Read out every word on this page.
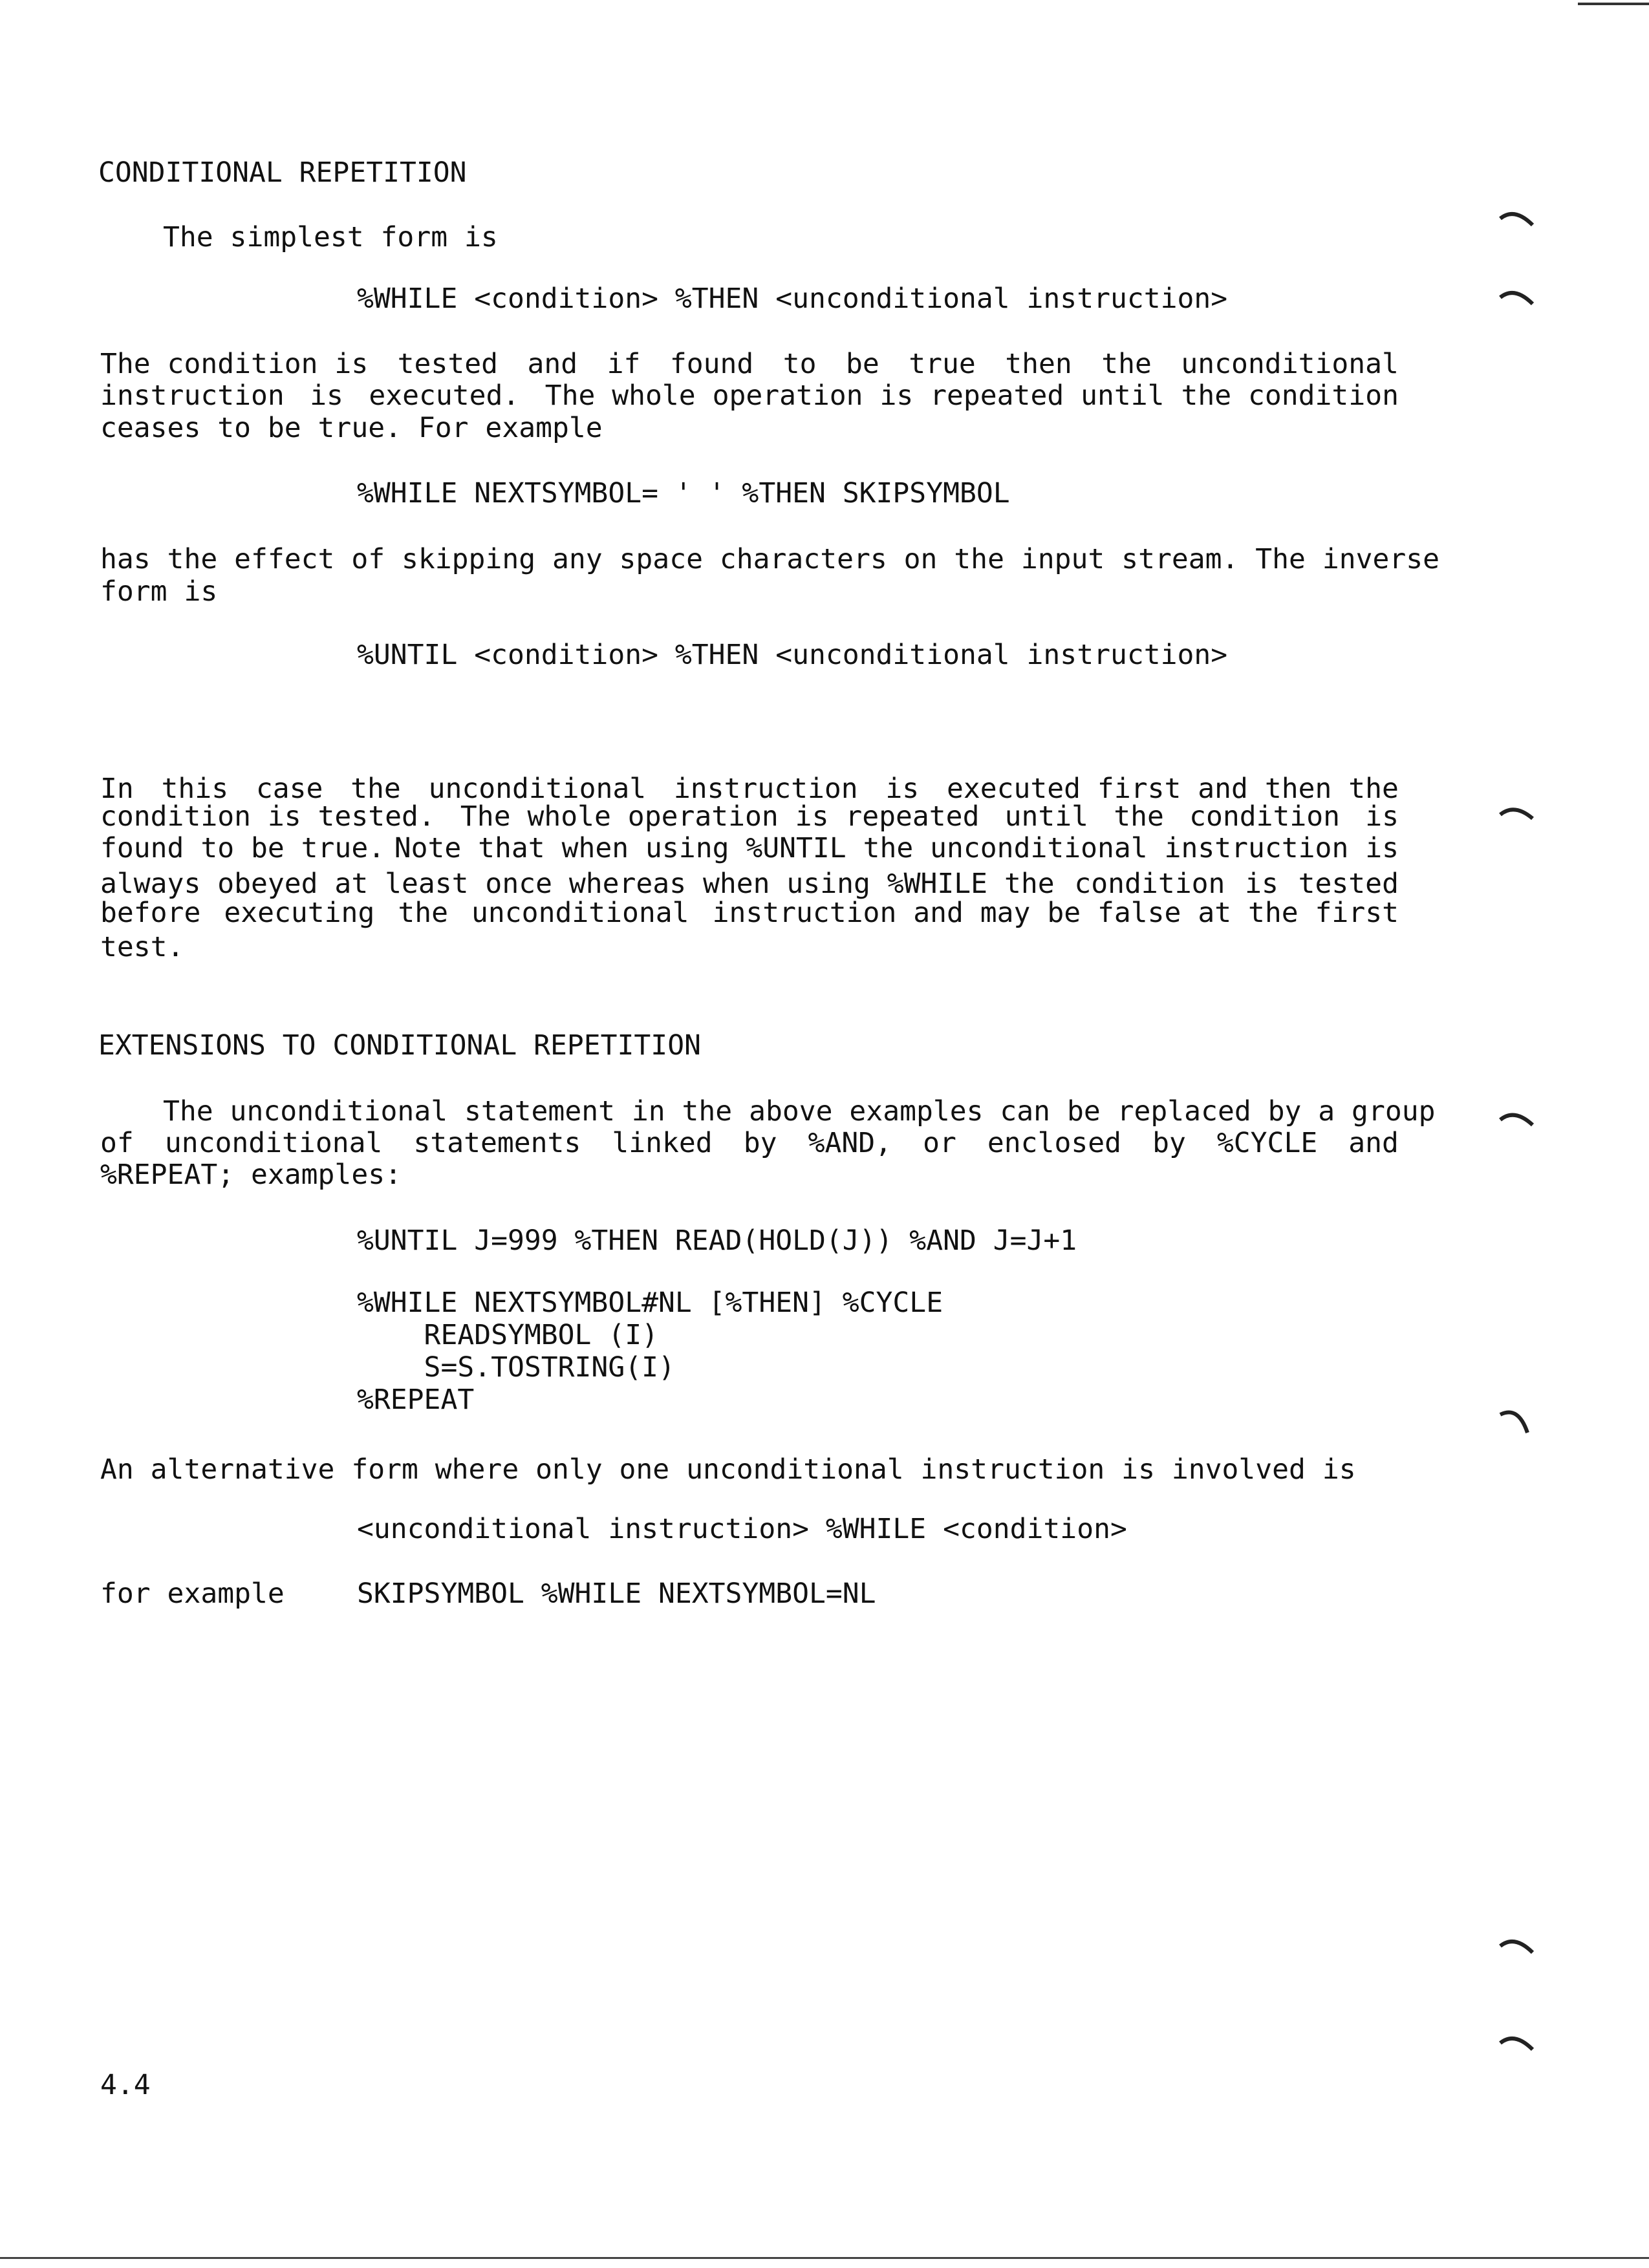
CONDITIONAL REPETITION
The simplest form is
%WHILE <condition> %THEN <unconditional instruction>
The condition is tested and if found to be true then the unconditional
instruction is executed. The whole operation is repeated until the condition
ceases to be true. For example
%WHILE NEXTSYMBOL= ' ' %THEN SKIPSYMBOL
has the effect of skipping any space characters on the input stream. The inverse
form is
%UNTIL <condition> %THEN <unconditional instruction>
In this case the unconditional instruction is executed first and then the
condition is tested. The whole operation is repeated until the condition is
found to be true. Note that when using %UNTIL the unconditional instruction is
always obeyed at least once whereas when using %WHILE the condition is tested
before executing the unconditional instruction and may be false at the first
test.
EXTENSIONS TO CONDITIONAL REPETITION
The unconditional statement in the above examples can be replaced by a group
of unconditional statements linked by %AND, or enclosed by %CYCLE and
%REPEAT; examples:
%UNTIL J=999 %THEN READ(HOLD(J)) %AND J=J+1
%WHILE NEXTSYMBOL#NL [%THEN] %CYCLE
READSYMBOL (I)
S=S.TOSTRING(I)
%REPEAT
An alternative form where only one unconditional instruction is involved is
<unconditional instruction> %WHILE <condition>
for example	SKIPSYMBOL %WHILE NEXTSYMBOL=NL
4.4
